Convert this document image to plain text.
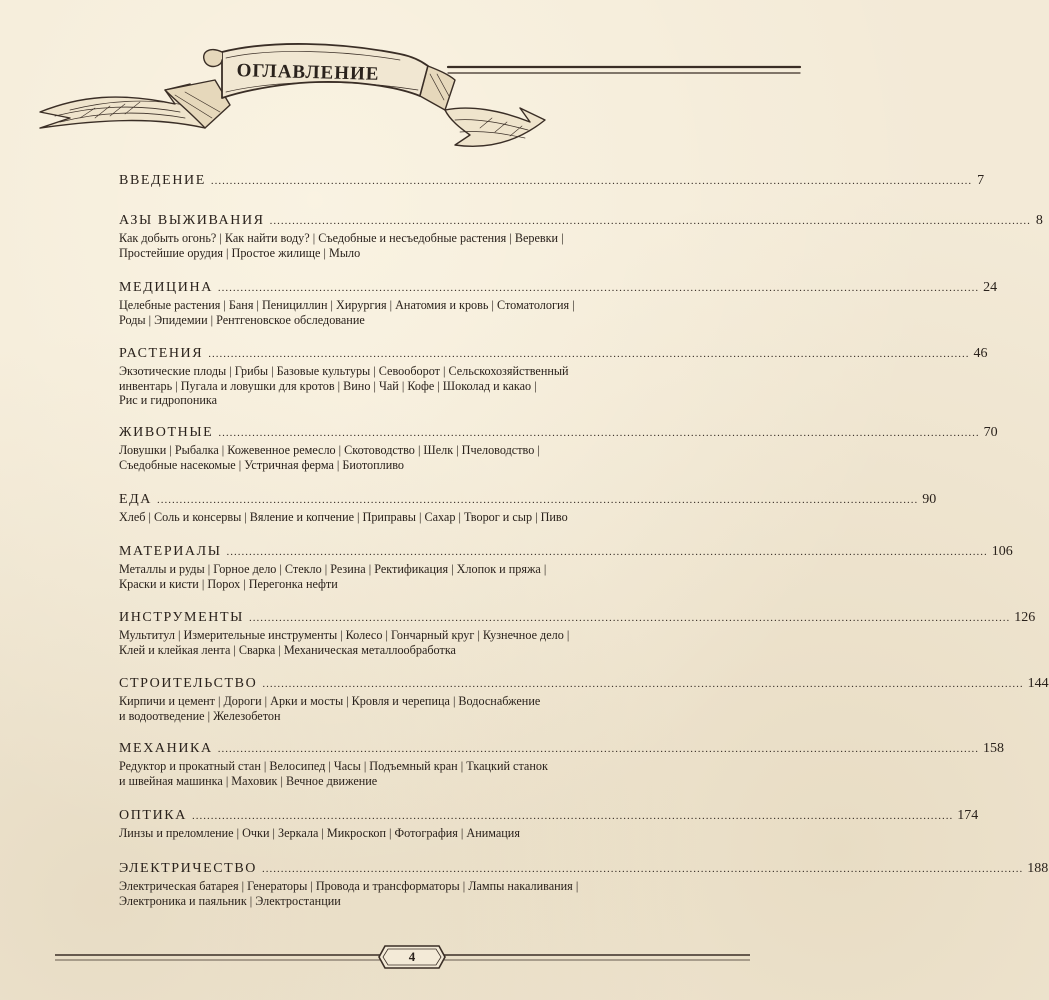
ОГЛАВЛЕНИЕ
ВВЕДЕНИЕ ........................................................................................................................................................................................................... 7
АЗЫ ВЫЖИВАНИЯ ........................................................................................................................................................................................................... 8
Как добыть огонь? | Как найти воду? | Съедобные и несъедобные растения | Веревки |
Простейшие орудия | Простое жилище | Мыло
МЕДИЦИНА ........................................................................................................................................................................................................... 24
Целебные растения | Баня | Пенициллин | Хирургия | Анатомия и кровь | Стоматология |
Роды | Эпидемии | Рентгеновское обследование
РАСТЕНИЯ ........................................................................................................................................................................................................... 46
Экзотические плоды | Грибы | Базовые культуры | Севооборот | Сельскохозяйственный
инвентарь | Пугала и ловушки для кротов | Вино | Чай | Кофе | Шоколад и какао |
Рис и гидропоника
ЖИВОТНЫЕ ........................................................................................................................................................................................................... 70
Ловушки | Рыбалка | Кожевенное ремесло | Скотоводство | Шелк | Пчеловодство |
Съедобные насекомые | Устричная ферма | Биотопливо
ЕДА ........................................................................................................................................................................................................... 90
Хлеб | Соль и консервы | Вяление и копчение | Приправы | Сахар | Творог и сыр | Пиво
МАТЕРИАЛЫ ........................................................................................................................................................................................................... 106
Металлы и руды | Горное дело | Стекло | Резина | Ректификация | Хлопок и пряжа |
Краски и кисти | Порох | Перегонка нефти
ИНСТРУМЕНТЫ ........................................................................................................................................................................................................... 126
Мультитул | Измерительные инструменты | Колесо | Гончарный круг | Кузнечное дело |
Клей и клейкая лента | Сварка | Механическая металлообработка
СТРОИТЕЛЬСТВО ........................................................................................................................................................................................................... 144
Кирпичи и цемент | Дороги | Арки и мосты | Кровля и черепица | Водоснабжение
и водоотведение | Железобетон
МЕХАНИКА ........................................................................................................................................................................................................... 158
Редуктор и прокатный стан | Велосипед | Часы | Подъемный кран | Ткацкий станок
и швейная машинка | Маховик | Вечное движение
ОПТИКА ........................................................................................................................................................................................................... 174
Линзы и преломление | Очки | Зеркала | Микроскоп | Фотография | Анимация
ЭЛЕКТРИЧЕСТВО ........................................................................................................................................................................................................... 188
Электрическая батарея | Генераторы | Провода и трансформаторы | Лампы накаливания |
Электроника и паяльник | Электростанции
4
